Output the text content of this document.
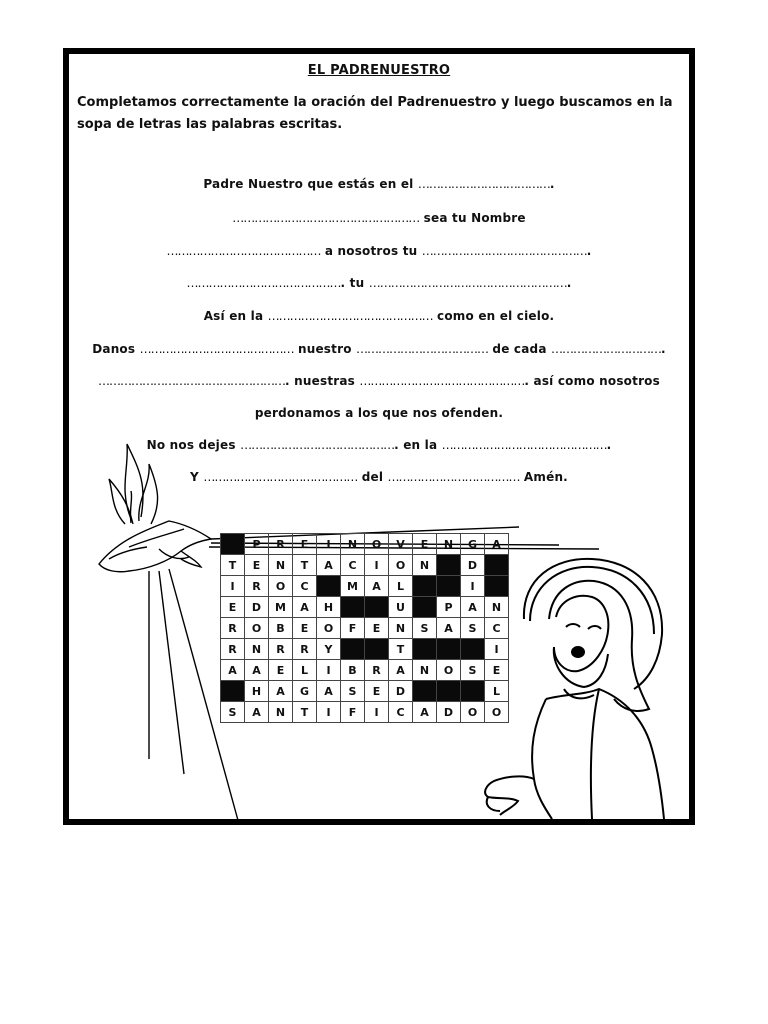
EL PADRENUESTRO
Completamos correctamente la oración del Padrenuestro y luego buscamos en la sopa de letras las palabras escritas.
Padre Nuestro que estás en el ……………………………….
…………………………………………… sea tu Nombre
…………………………………… a nosotros tu ……………………………………….
……………………………………. tu ……………………………………………….
Así en la ……………………………………… como en el cielo.
Danos …………………………………… nuestro ……………………………… de cada ………………………….
……………………………………………. nuestras ………………………………………. así como nosotros
perdonamos a los que nos ofenden.
No nos dejes ……………………………………. en la ……………………………………….
Y …………………………………… del ……………………………… Amén.
	P	R	E	I	N	O	V	E	N	G	A
T	E	N	T	A	C	I	O	N		D	
I	R	O	C		M	A	L			I	
E	D	M	A	H			U		P	A	N
R	O	B	E	O	F	E	N	S	A	S	C
R	N	R	R	Y			T				I
A	A	E	L	I	B	R	A	N	O	S	E
	H	A	G	A	S	E	D				L
S	A	N	T	I	F	I	C	A	D	O	O
